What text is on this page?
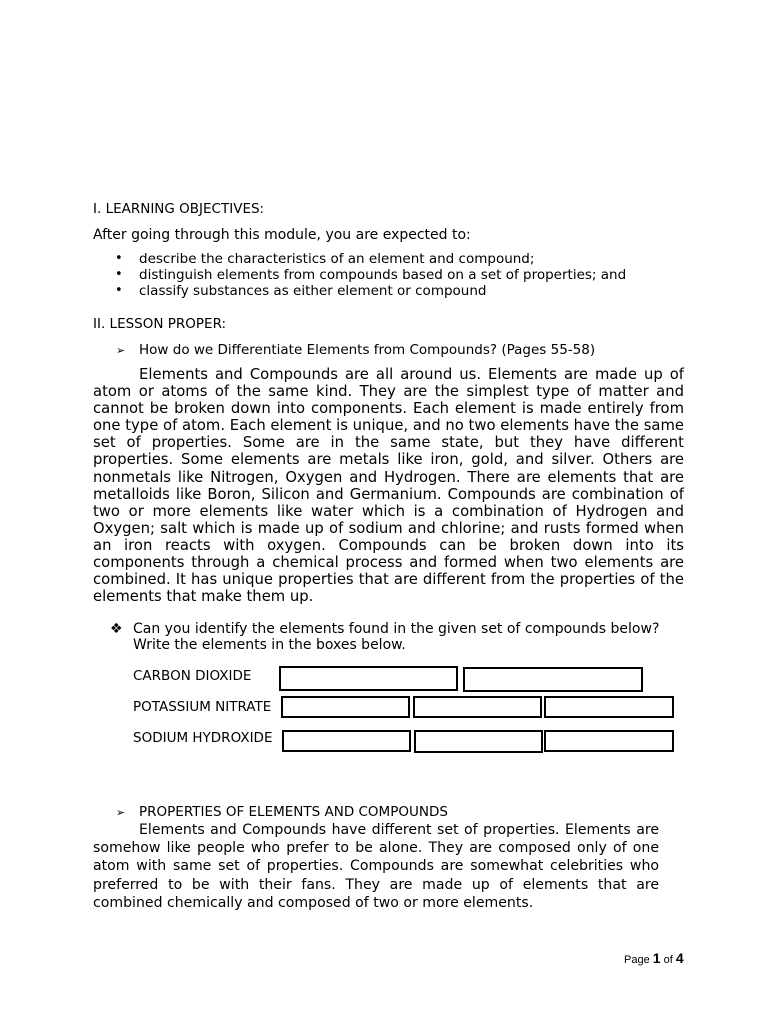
I. LEARNING OBJECTIVES:
After going through this module, you are expected to:
• describe the characteristics of an element and compound;
• distinguish elements from compounds based on a set of properties; and
• classify substances as either element or compound
II. LESSON PROPER:
➢ How do we Differentiate Elements from Compounds? (Pages 55-58)
Elements and Compounds are all around us. Elements are made up of atom or atoms of the same kind. They are the simplest type of matter and cannot be broken down into components. Each element is made entirely from one type of atom. Each element is unique, and no two elements have the same set of properties. Some are in the same state, but they have different properties. Some elements are metals like iron, gold, and silver. Others are nonmetals like Nitrogen, Oxygen and Hydrogen. There are elements that are metalloids like Boron, Silicon and Germanium. Compounds are combination of two or more elements like water which is a combination of Hydrogen and Oxygen; salt which is made up of sodium and chlorine; and rusts formed when an iron reacts with oxygen. Compounds can be broken down into its components through a chemical process and formed when two elements are combined. It has unique properties that are different from the properties of the elements that make them up.
❖ Can you identify the elements found in the given set of compounds below?
Write the elements in the boxes below.
CARBON DIOXIDE
POTASSIUM NITRATE
SODIUM HYDROXIDE
➢ PROPERTIES OF ELEMENTS AND COMPOUNDS
Elements and Compounds have different set of properties. Elements are somehow like people who prefer to be alone. They are composed only of one atom with same set of properties. Compounds are somewhat celebrities who preferred to be with their fans. They are made up of elements that are combined chemically and composed of two or more elements.
Page 1 of 4
